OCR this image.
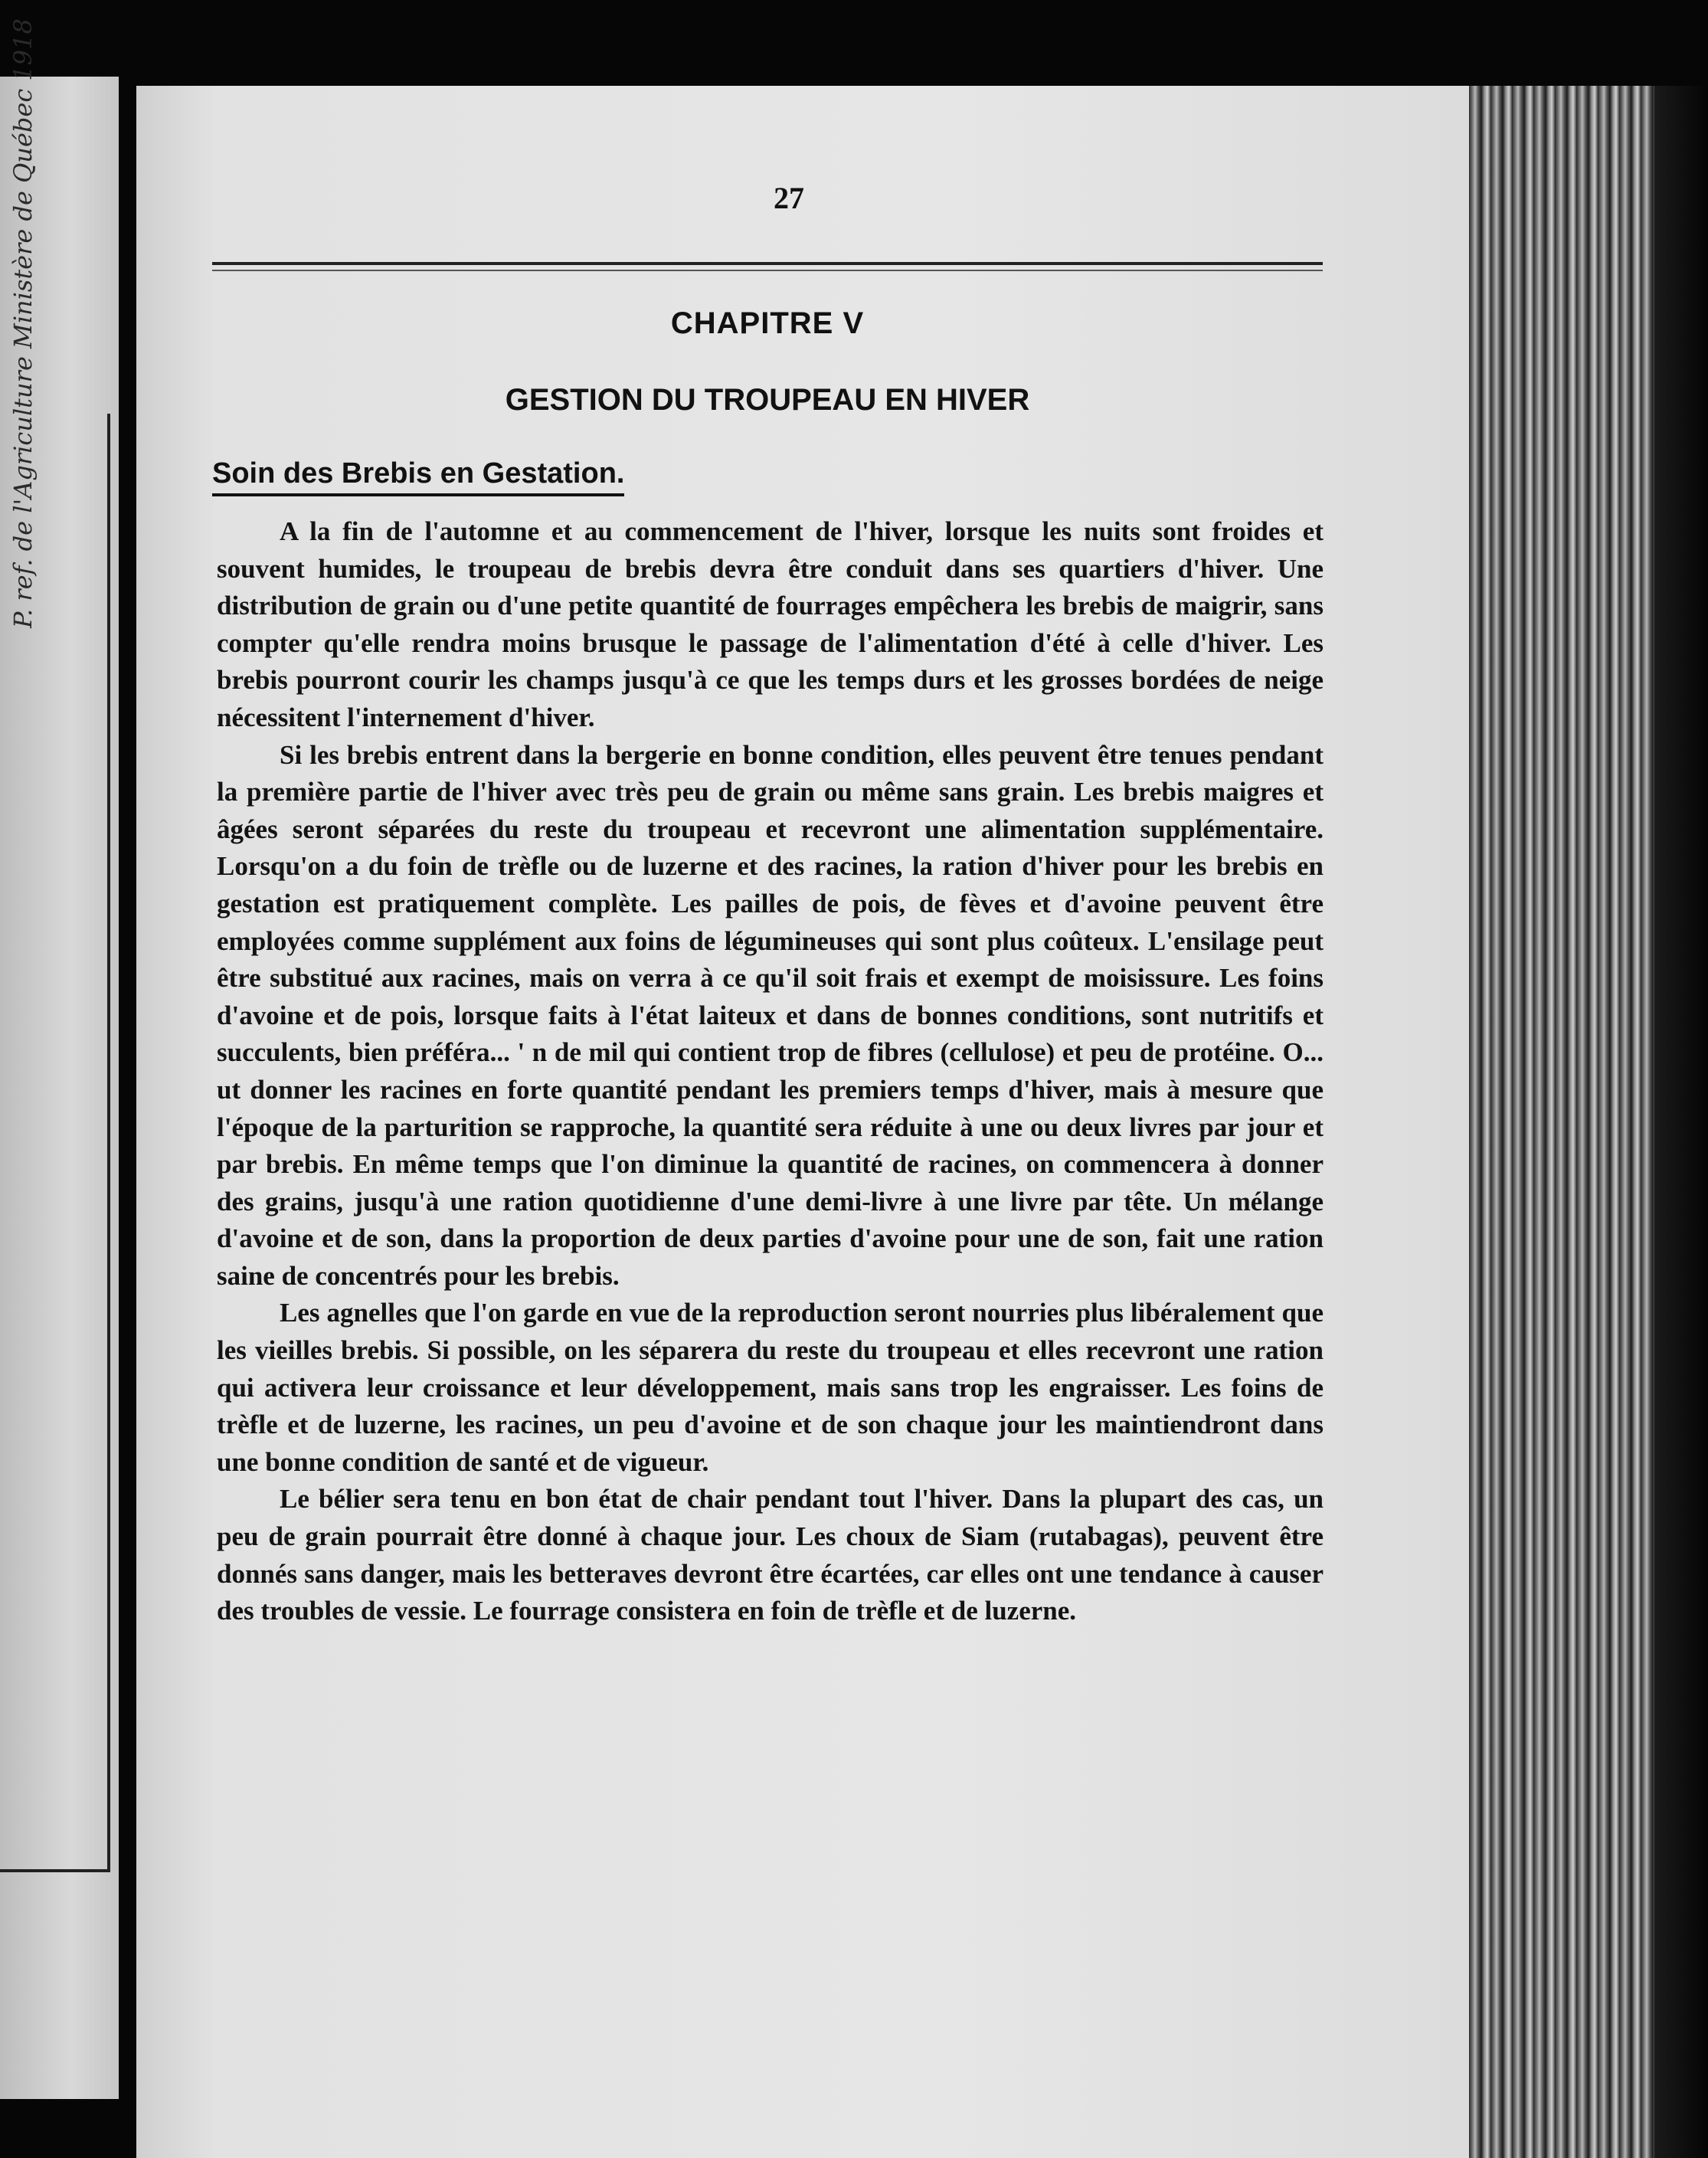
P. ref. de l'Agriculture Ministère de Québec 1918	27
CHAPITRE V
GESTION DU TROUPEAU EN HIVER
Soin des Brebis en Gestation.

A la fin de l'automne et au commencement de l'hiver, lorsque les nuits sont froides et souvent humides, le troupeau de brebis devra être conduit dans ses quartiers d'hiver. Une distribution de grain ou d'une petite quantité de fourrages empêchera les brebis de maigrir, sans compter qu'elle rendra moins brusque le passage de l'alimentation d'été à celle d'hiver. Les brebis pourront courir les champs jusqu'à ce que les temps durs et les grosses bordées de neige nécessitent l'internement d'hiver.

Si les brebis entrent dans la bergerie en bonne condition, elles peuvent être tenues pendant la première partie de l'hiver avec très peu de grain ou même sans grain. Les brebis maigres et âgées seront séparées du reste du troupeau et recevront une alimentation supplémentaire. Lorsqu'on a du foin de trèfle ou de luzerne et des racines, la ration d'hiver pour les brebis en gestation est pratiquement complète. Les pailles de pois, de fèves et d'avoine peuvent être employées comme supplément aux foins de légumineuses qui sont plus coûteux. L'ensilage peut être substitué aux racines, mais on verra à ce qu'il soit frais et exempt de moisissure. Les foins d'avoine et de pois, lorsque faits à l'état laiteux et dans de bonnes conditions, sont nutritifs et succulents, bien préféra... ' n de mil qui contient trop de fibres (cellulose) et peu de protéine. O... ut donner les racines en forte quantité pendant les premiers temps d'hiver, mais à mesure que l'époque de la parturition se rapproche, la quantité sera réduite à une ou deux livres par jour et par brebis. En même temps que l'on diminue la quantité de racines, on commencera à donner des grains, jusqu'à une ration quotidienne d'une demi-livre à une livre par tête. Un mélange d'avoine et de son, dans la proportion de deux parties d'avoine pour une de son, fait une ration saine de concentrés pour les brebis.

Les agnelles que l'on garde en vue de la reproduction seront nourries plus libéralement que les vieilles brebis. Si possible, on les séparera du reste du troupeau et elles recevront une ration qui activera leur croissance et leur développement, mais sans trop les engraisser. Les foins de trèfle et de luzerne, les racines, un peu d'avoine et de son chaque jour les maintiendront dans une bonne condition de santé et de vigueur.

Le bélier sera tenu en bon état de chair pendant tout l'hiver. Dans la plupart des cas, un peu de grain pourrait être donné à chaque jour. Les choux de Siam (rutabagas), peuvent être donnés sans danger, mais les betteraves devront être écartées, car elles ont une tendance à causer des troubles de vessie. Le fourrage consistera en foin de trèfle et de luzerne.
